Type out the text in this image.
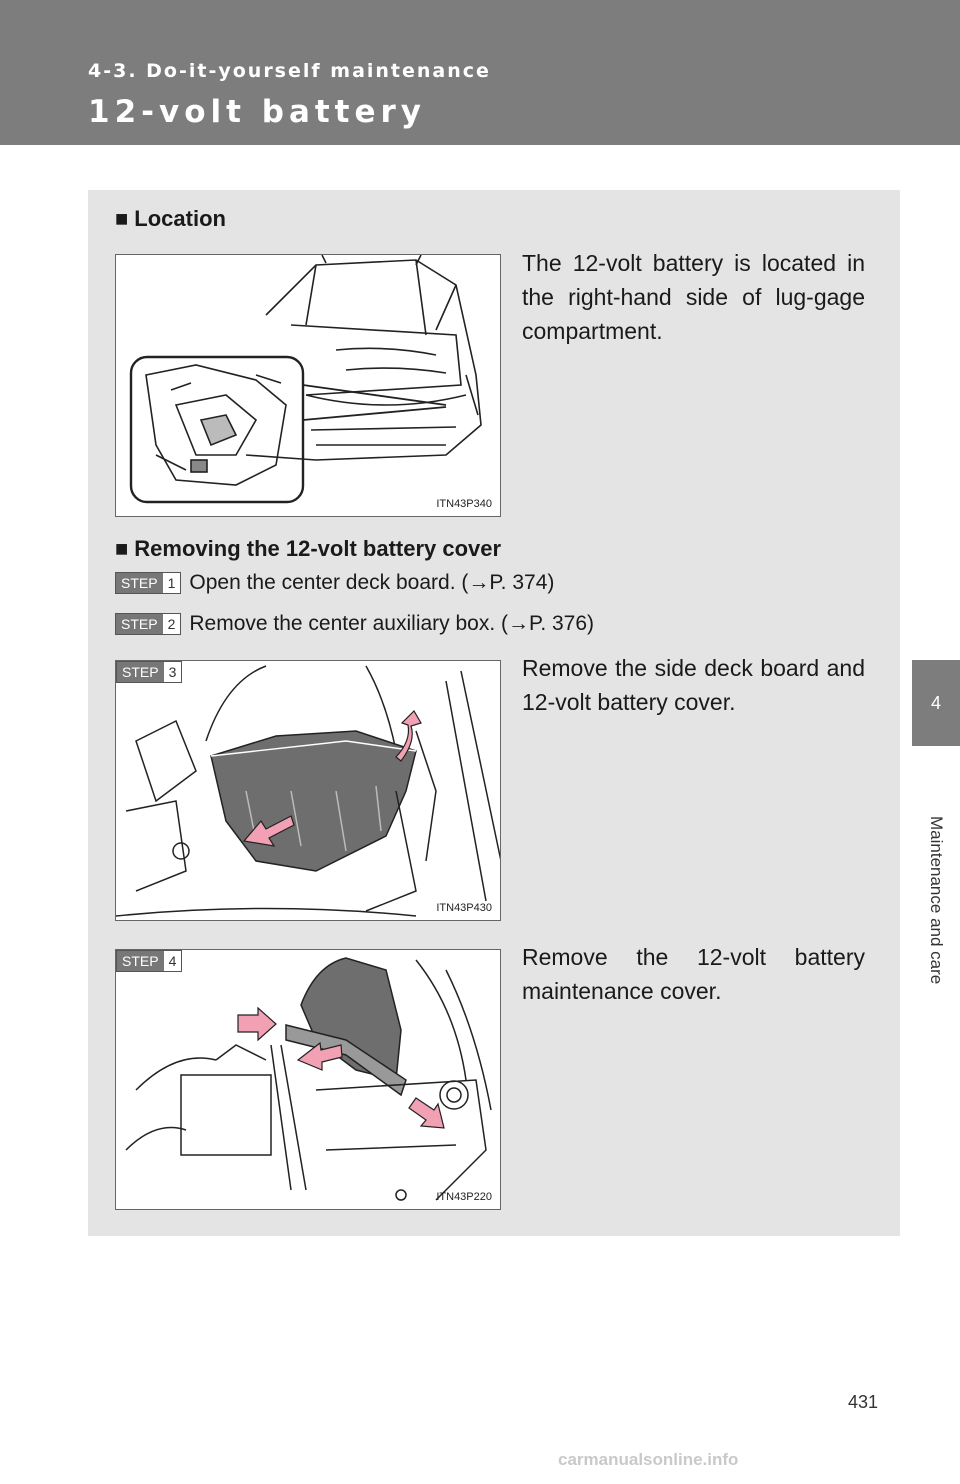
4-3. Do-it-yourself maintenance
12-volt battery
4
Maintenance and care
■ Location
ITN43P340
The 12-volt battery is located in the right-hand side of lug-gage compartment.
■ Removing the 12-volt battery cover
STEP 1 Open the center deck board. (→P. 374)
STEP 2 Remove the center auxiliary box. (→P. 376)
STEP 3
ITN43P430
Remove the side deck board and 12-volt battery cover.
STEP 4
ITN43P220
Remove the 12-volt battery maintenance cover.
431
carmanualsonline.info
